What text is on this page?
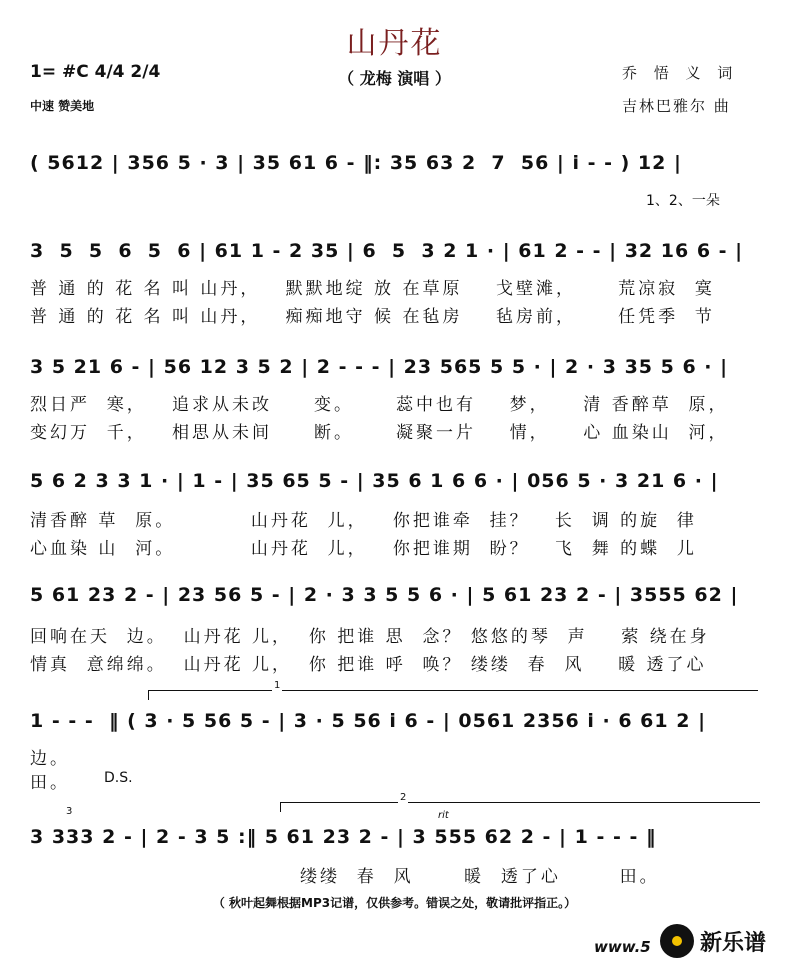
山丹花
（ 龙梅 演唱 ）
1= #C 4/4 2/4
中速 赞美地
乔 悟 义 词
吉林巴雅尔 曲
( 5612 | 356 5 · 3 | 35 61 6 - ‖: 35 63 2  7  56 | i - - ) 12 |
1、2、一朵
3  5  5  6  5  6 | 61 1 - 2 35 | 6  5  3 2 1 · | 61 2 - - | 32 16 6 - |
普 通 的 花 名 叫 山丹，   默默地绽 放 在草原    戈壁滩，     荒凉寂  寞
普 通 的 花 名 叫 山丹，   痴痴地守 候 在毡房    毡房前，     任凭季  节
3 5 21 6 - | 56 12 3 5 2 | 2 - - - | 23 565 5 5 · | 2 · 3 35 5 6 · |
烈日严  寒，   追求从未改     变。     蕊中也有    梦，    清 香醉草  原，
变幻万  千，   相思从未间     断。     凝聚一片    情，    心 血染山  河，
5 6 2 3 3 1 · | 1 - | 35 65 5 - | 35 6 1 6 6 · | 056 5 · 3 21 6 · |
清香醉 草  原。         山丹花  儿，   你把谁牵  挂？   长  调 的旋  律
心血染 山  河。         山丹花  儿，   你把谁期  盼？   飞  舞 的蝶  儿
5 61 23 2 - | 23 56 5 - | 2 · 3 3 5 5 6 · | 5 61 23 2 - | 3555 62 |
回响在天  边。  山丹花 儿，  你 把谁 思  念？ 悠悠的琴  声    萦 绕在身
情真  意绵绵。  山丹花 儿，  你 把谁 呼  唤？ 缕缕  春  风    暖 透了心
1
1 - - -  ‖ ( 3 · 5 56 5 - | 3 · 5 56 i 6 - | 0561 2356 i · 6 61 2 |
边。
田。 D.S.
2
rit
3
3 333 2 - | 2 - 3 5 :‖ 5 61 23 2 - | 3 555 62 2 - | 1 - - - ‖
缕缕  春  风      暖  透了心       田。
（ 秋叶起舞根据MP3记谱，仅供参考。错误之处，敬请批评指正。）
www.5 新乐谱
